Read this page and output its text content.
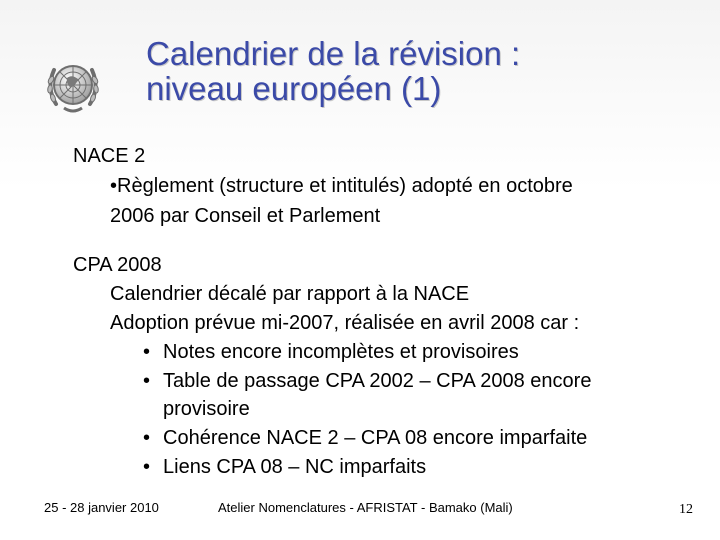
Calendrier de la révision :
niveau européen (1)
NACE 2
•Règlement (structure et intitulés) adopté en octobre
2006 par Conseil et Parlement
CPA 2008
Calendrier décalé par rapport à la NACE
Adoption prévue mi-2007, réalisée en avril 2008 car :
• Notes encore incomplètes et provisoires
• Table de passage CPA 2002 – CPA 2008 encore
provisoire
• Cohérence NACE 2 – CPA 08 encore imparfaite
• Liens CPA 08 – NC imparfaits
25 - 28 janvier 2010	Atelier Nomenclatures - AFRISTAT - Bamako (Mali)	12
